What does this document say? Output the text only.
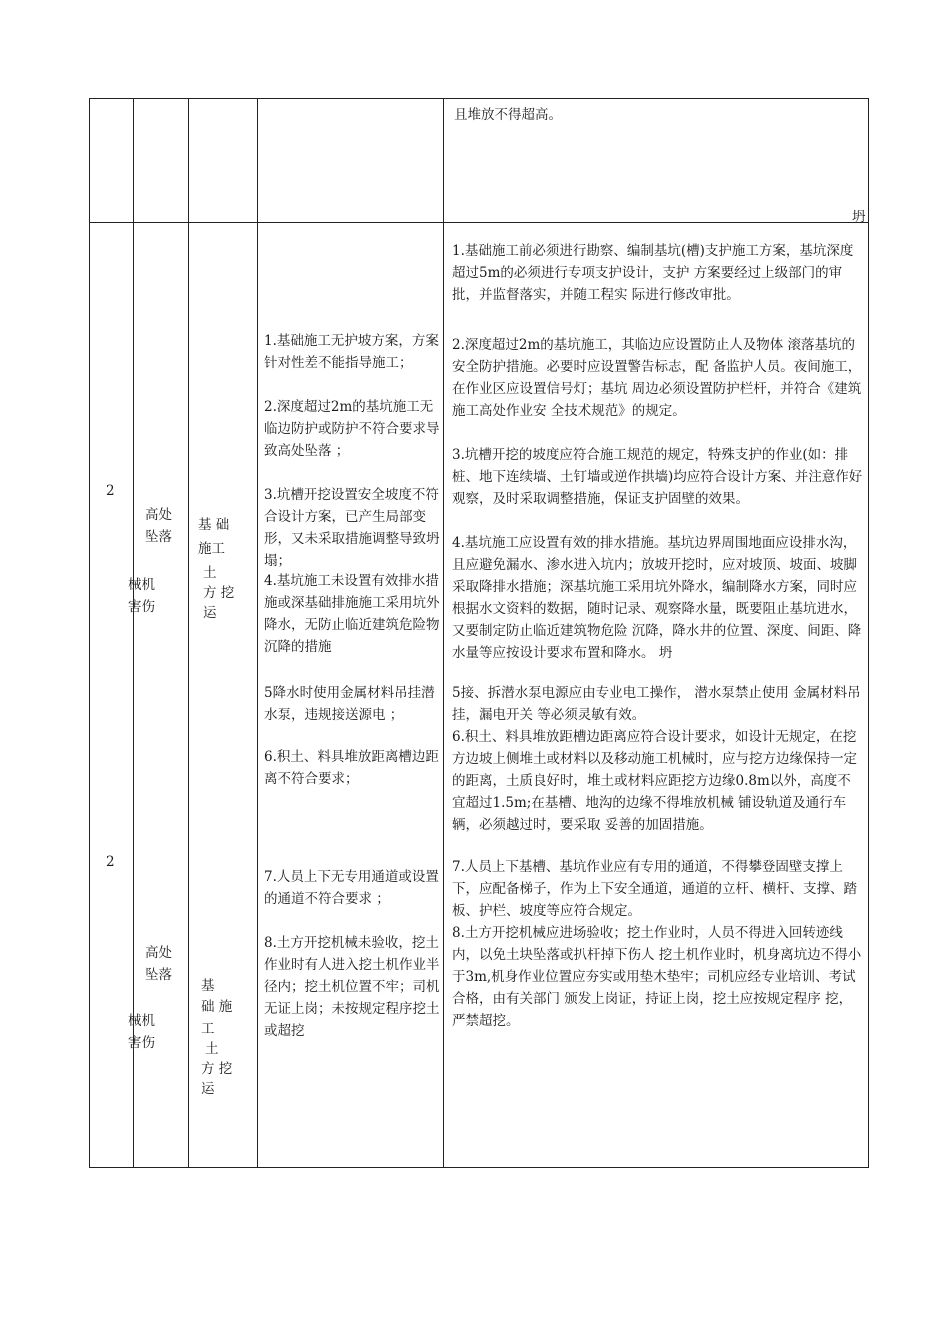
且堆放不得超高。
坍
2
2
高处
坠落
械机
害伤
高处
坠落
械机
害伤
基 础
施工
土
方 挖
运
基
础 施
工
土
方 挖
运
1.基础施工无护坡方案，方案针对性差不能指导施工；
2.深度超过2m的基坑施工无临边防护或防护不符合要求导致高处坠落 ；
3.坑槽开挖设置安全坡度不符合设计方案，已产生局部变形，又未采取措施调整导致坍塌；
4.基坑施工未设置有效排水措施或深基础排施施工采用坑外降水，无防止临近建筑危险物 沉降的措施
5降水时使用金属材料吊挂潜水泵，违规接送源电 ；
6.积土、料具堆放距离槽边距离不符合要求；
7.人员上下无专用通道或设置的通道不符合要求 ；
8.土方开挖机械未验收，挖土作业时有人进入挖土机作业半径内；挖土机位置不牢；司机无证上岗；未按规定程序挖土或超挖
1.基础施工前必须进行勘察、编制基坑(槽)支护施工方案，基坑深度超过5m的必须进行专项支护设计，支护 方案要经过上级部门的审批，并监督落实，并随工程实 际进行修改审批。
2.深度超过2m的基坑施工，其临边应设置防止人及物体 滚落基坑的安全防护措施。必要时应设置警告标志，配 备监护人员。夜间施工，在作业区应设置信号灯；基坑 周边必须设置防护栏杆，并符合《建筑施工高处作业安 全技术规范》的规定。
3.坑槽开挖的坡度应符合施工规范的规定，特殊支护的作业(如：排桩、地下连续墙、土钉墙或逆作拱墙)均应符合设计方案、并注意作好观察，及时采取调整措施，保证支护固壁的效果。
4.基坑施工应设置有效的排水措施。基坑边界周围地面应设排水沟，且应避免漏水、渗水进入坑内；放坡开挖时，应对坡顶、坡面、坡脚采取降排水措施；深基坑施工采用坑外降水，编制降水方案，同时应根据水文资料的数据，随时记录、观察降水量，既要阻止基坑进水，又要制定防止临近建筑物危险 沉降，降水井的位置、深度、间距、降水量等应按设计要求布置和降水。 坍
5接、拆潜水泵电源应由专业电工操作， 潜水泵禁止使用 金属材料吊挂，漏电开关 等必须灵敏有效。
6.积土、料具堆放距槽边距离应符合设计要求，如设计无规定，在挖方边坡上侧堆土或材料以及移动施工机械时，应与挖方边缘保持一定的距离，土质良好时，堆土或材料应距挖方边缘0.8m以外，高度不宜超过1.5m;在基槽、地沟的边缘不得堆放机械 铺设轨道及通行车辆，必须越过时，要采取 妥善的加固措施。
7.人员上下基槽、基坑作业应有专用的通道，不得攀登固壁支撑上下，应配备梯子，作为上下安全通道，通道的立杆、横杆、支撑、踏板、护栏、坡度等应符合规定。
8.土方开挖机械应进场验收；挖土作业时，人员不得进入回转迹线内，以免土块坠落或扒杆掉下伤人 挖土机作业时，机身离坑边不得小于3m,机身作业位置应夯实或用垫木垫牢；司机应经专业培训、考试合格，由有关部门 颁发上岗证，持证上岗，挖土应按规定程序 挖，严禁超挖。
